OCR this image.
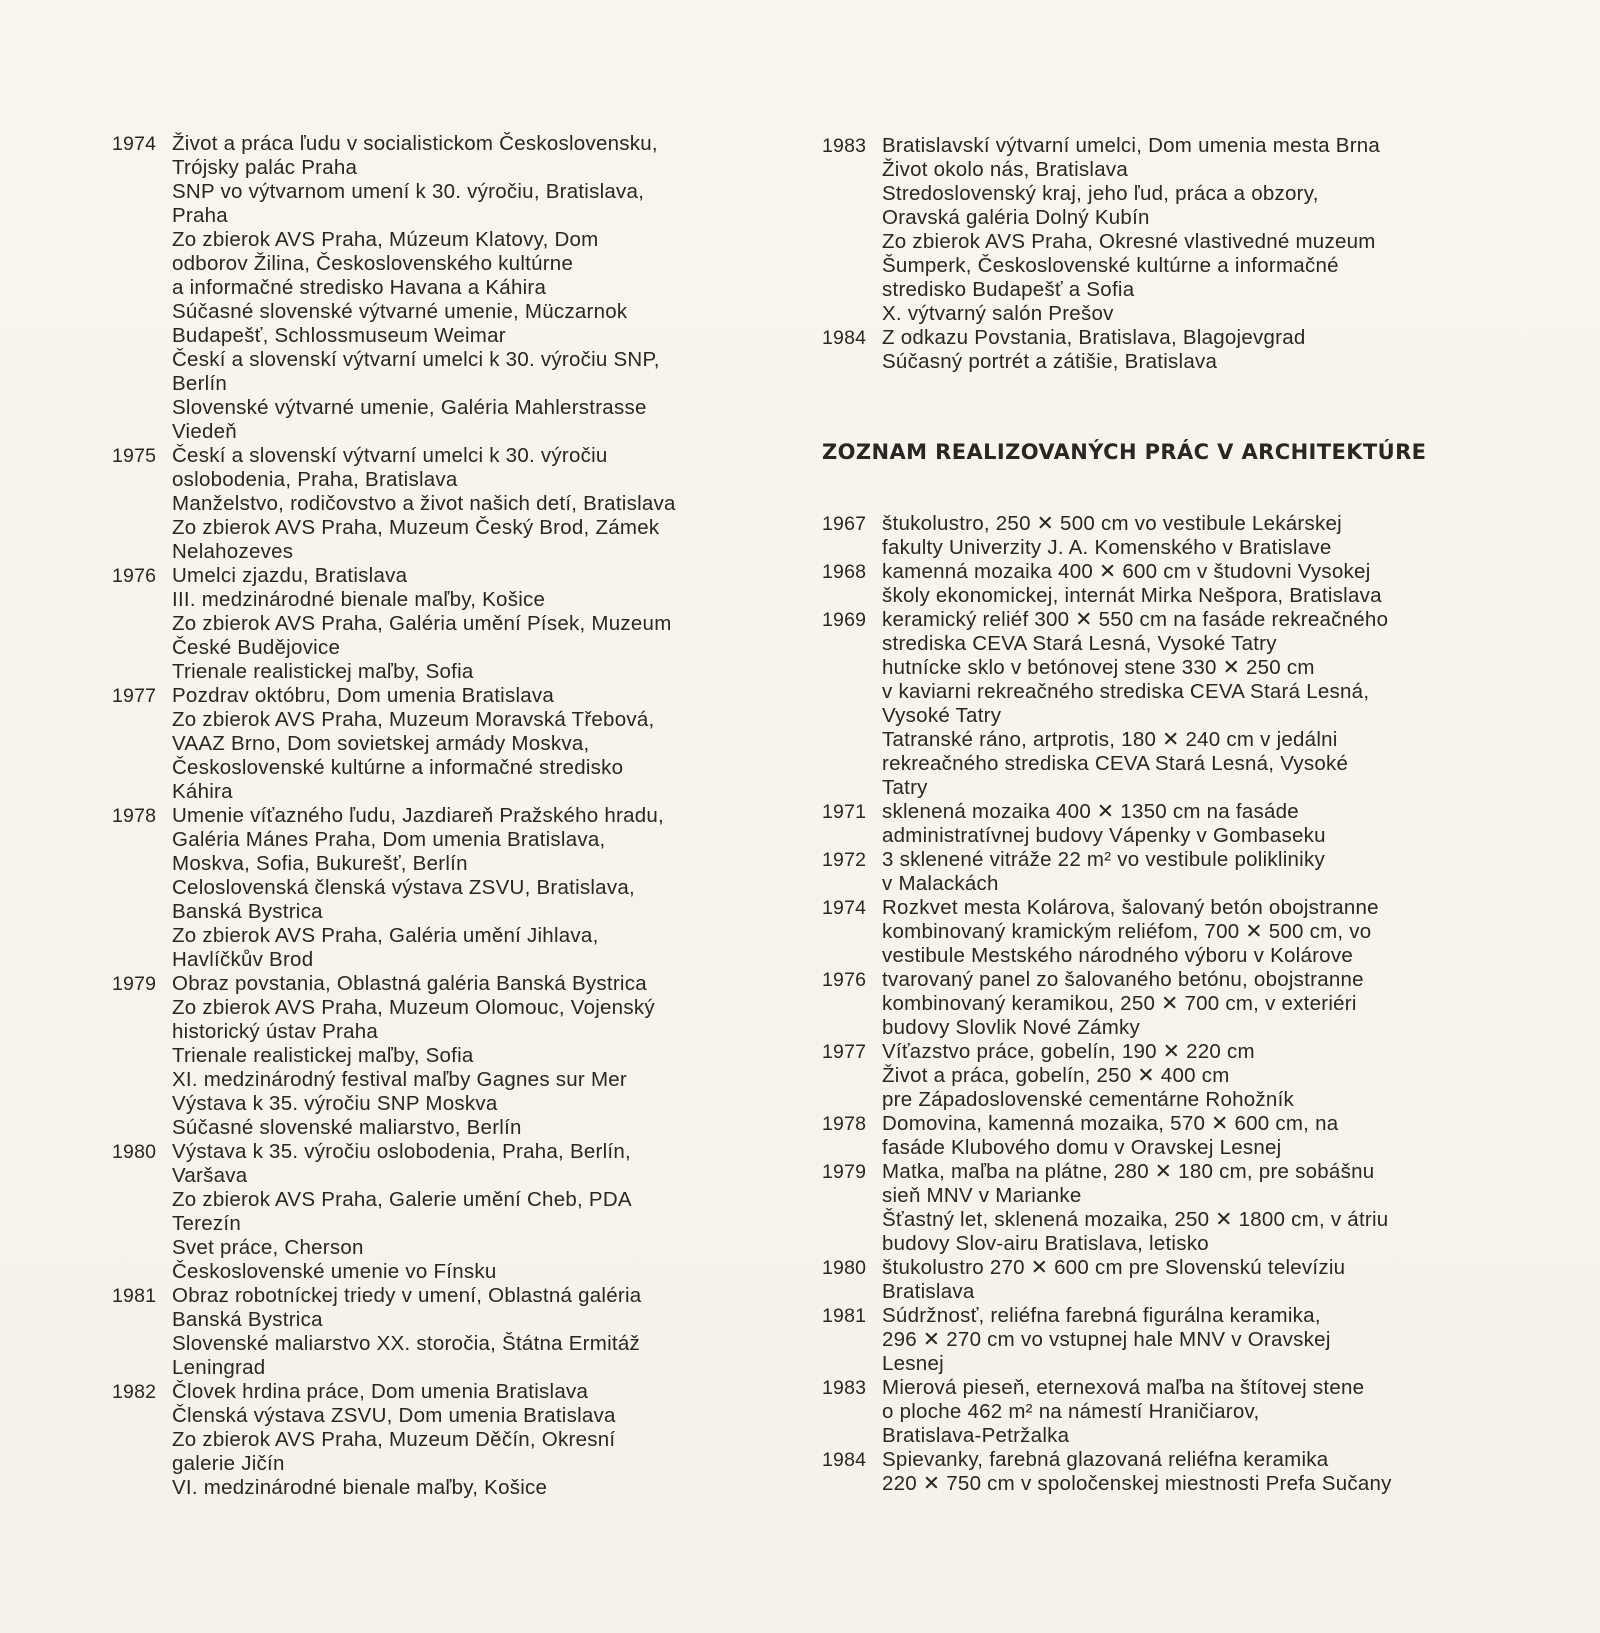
1974 Život a práca ľudu v socialistickom Československu,
Trójsky palác Praha
SNP vo výtvarnom umení k 30. výročiu, Bratislava,
Praha
Zo zbierok AVS Praha, Múzeum Klatovy, Dom
odborov Žilina, Československého kultúrne
a informačné stredisko Havana a Káhira
Súčasné slovenské výtvarné umenie, Müczarnok
Budapešť, Schlossmuseum Weimar
Českí a slovenskí výtvarní umelci k 30. výročiu SNP,
Berlín
Slovenské výtvarné umenie, Galéria Mahlerstrasse
Viedeň
1975 Českí a slovenskí výtvarní umelci k 30. výročiu
oslobodenia, Praha, Bratislava
Manželstvo, rodičovstvo a život našich detí, Bratislava
Zo zbierok AVS Praha, Muzeum Český Brod, Zámek
Nelahozeves
1976 Umelci zjazdu, Bratislava
III. medzinárodné bienale maľby, Košice
Zo zbierok AVS Praha, Galéria umění Písek, Muzeum
České Budějovice
Trienale realistickej maľby, Sofia
1977 Pozdrav októbru, Dom umenia Bratislava
Zo zbierok AVS Praha, Muzeum Moravská Třebová,
VAAZ Brno, Dom sovietskej armády Moskva,
Československé kultúrne a informačné stredisko
Káhira
1978 Umenie víťazného ľudu, Jazdiareň Pražského hradu,
Galéria Mánes Praha, Dom umenia Bratislava,
Moskva, Sofia, Bukurešť, Berlín
Celoslovenská členská výstava ZSVU, Bratislava,
Banská Bystrica
Zo zbierok AVS Praha, Galéria umění Jihlava,
Havlíčkův Brod
1979 Obraz povstania, Oblastná galéria Banská Bystrica
Zo zbierok AVS Praha, Muzeum Olomouc, Vojenský
historický ústav Praha
Trienale realistickej maľby, Sofia
XI. medzinárodný festival maľby Gagnes sur Mer
Výstava k 35. výročiu SNP Moskva
Súčasné slovenské maliarstvo, Berlín
1980 Výstava k 35. výročiu oslobodenia, Praha, Berlín,
Varšava
Zo zbierok AVS Praha, Galerie umění Cheb, PDA
Terezín
Svet práce, Cherson
Československé umenie vo Fínsku
1981 Obraz robotníckej triedy v umení, Oblastná galéria
Banská Bystrica
Slovenské maliarstvo XX. storočia, Štátna Ermitáž
Leningrad
1982 Človek hrdina práce, Dom umenia Bratislava
Členská výstava ZSVU, Dom umenia Bratislava
Zo zbierok AVS Praha, Muzeum Děčín, Okresní
galerie Jičín
VI. medzinárodné bienale maľby, Košice
1983 Bratislavskí výtvarní umelci, Dom umenia mesta Brna
Život okolo nás, Bratislava
Stredoslovenský kraj, jeho ľud, práca a obzory,
Oravská galéria Dolný Kubín
Zo zbierok AVS Praha, Okresné vlastivedné muzeum
Šumperk, Československé kultúrne a informačné
stredisko Budapešť a Sofia
X. výtvarný salón Prešov
1984 Z odkazu Povstania, Bratislava, Blagojevgrad
Súčasný portrét a zátišie, Bratislava
ZOZNAM REALIZOVANÝCH PRÁC V ARCHITEKTÚRE
1967 štukolustro, 250 ✕ 500 cm vo vestibule Lekárskej
fakulty Univerzity J. A. Komenského v Bratislave
1968 kamenná mozaika 400 ✕ 600 cm v študovni Vysokej
školy ekonomickej, internát Mirka Nešpora, Bratislava
1969 keramický reliéf 300 ✕ 550 cm na fasáde rekreačného
strediska CEVA Stará Lesná, Vysoké Tatry
hutnícke sklo v betónovej stene 330 ✕ 250 cm
v kaviarni rekreačného strediska CEVA Stará Lesná,
Vysoké Tatry
Tatranské ráno, artprotis, 180 ✕ 240 cm v jedálni
rekreačného strediska CEVA Stará Lesná, Vysoké
Tatry
1971 sklenená mozaika 400 ✕ 1350 cm na fasáde
administratívnej budovy Vápenky v Gombaseku
1972 3 sklenené vitráže 22 m² vo vestibule polikliniky
v Malackách
1974 Rozkvet mesta Kolárova, šalovaný betón obojstranne
kombinovaný kramickým reliéfom, 700 ✕ 500 cm, vo
vestibule Mestského národného výboru v Kolárove
1976 tvarovaný panel zo šalovaného betónu, obojstranne
kombinovaný keramikou, 250 ✕ 700 cm, v exteriéri
budovy Slovlik Nové Zámky
1977 Víťazstvo práce, gobelín, 190 ✕ 220 cm
Život a práca, gobelín, 250 ✕ 400 cm
pre Západoslovenské cementárne Rohožník
1978 Domovina, kamenná mozaika, 570 ✕ 600 cm, na
fasáde Klubového domu v Oravskej Lesnej
1979 Matka, maľba na plátne, 280 ✕ 180 cm, pre sobášnu
sieň MNV v Marianke
Šťastný let, sklenená mozaika, 250 ✕ 1800 cm, v átriu
budovy Slov-airu Bratislava, letisko
1980 štukolustro 270 ✕ 600 cm pre Slovenskú televíziu
Bratislava
1981 Súdržnosť, reliéfna farebná figurálna keramika,
296 ✕ 270 cm vo vstupnej hale MNV v Oravskej
Lesnej
1983 Mierová pieseň, eternexová maľba na štítovej stene
o ploche 462 m² na námestí Hraničiarov,
Bratislava-Petržalka
1984 Spievanky, farebná glazovaná reliéfna keramika
220 ✕ 750 cm v spoločenskej miestnosti Prefa Sučany
